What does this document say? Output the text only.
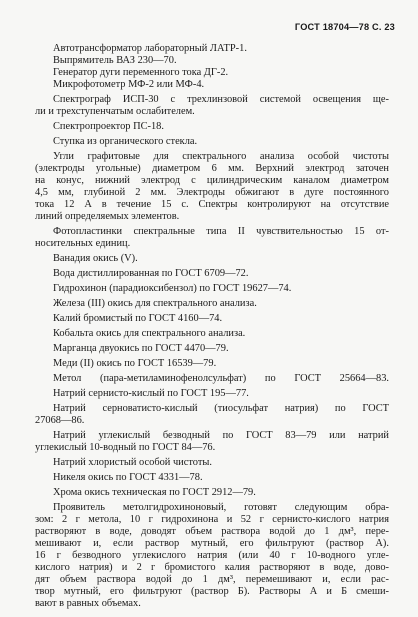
ГОСТ 18704—78 С. 23
Автотрансформатор лабораторный ЛАТР-1.
Выпрямитель ВАЗ 230—70.
Генератор дуги переменного тока ДГ-2.
Микрофотометр МФ-2 или МФ-4.
Спектрограф ИСП-30 с трехлинзовой системой освещения ще-
ли и трехступенчатым ослабителем.
Спектропроектор ПС-18.
Ступка из органического стекла.
Угли графитовые для спектрального анализа особой чистоты
(электроды угольные) диаметром 6 мм. Верхний электрод заточен
на конус, нижний электрод с цилиндрическим каналом диаметром
4,5 мм, глубиной 2 мм. Электроды обжигают в дуге постоянного
тока 12 А в течение 15 с. Спектры контролируют на отсутствие
линий определяемых элементов.
Фотопластинки спектральные типа II чувствительностью 15 от-
носительных единиц.
Ванадия окись (V).
Вода дистиллированная по ГОСТ 6709—72.
Гидрохинон (парадиоксибензол) по ГОСТ 19627—74.
Железа (III) окись для спектрального анализа.
Калий бромистый по ГОСТ 4160—74.
Кобальта окись для спектрального анализа.
Марганца двуокись по ГОСТ 4470—79.
Меди (II) окись по ГОСТ 16539—79.
Метол (пара-метиламинофенолсульфат) по ГОСТ 25664—83.
Натрий сернисто-кислый по ГОСТ 195—77.
Натрий серноватисто-кислый (тиосульфат натрия) по ГОСТ
27068—86.
Натрий углекислый безводный по ГОСТ 83—79 или натрий
углекислый 10-водный по ГОСТ 84—76.
Натрий хлористый особой чистоты.
Никеля окись по ГОСТ 4331—78.
Хрома окись техническая по ГОСТ 2912—79.
Проявитель метолгидрохиноновый, готовят следующим обра-
зом: 2 г метола, 10 г гидрохинона и 52 г сернисто-кислого натрия
растворяют в воде, доводят объем раствора водой до 1 дм³, пере-
мешивают и, если раствор мутный, его фильтруют (раствор А).
16 г безводного углекислого натрия (или 40 г 10-водного угле-
кислого натрия) и 2 г бромистого калия растворяют в воде, дово-
дят объем раствора водой до 1 дм³, перемешивают и, если рас-
твор мутный, его фильтруют (раствор Б). Растворы А и Б смеши-
вают в равных объемах.
